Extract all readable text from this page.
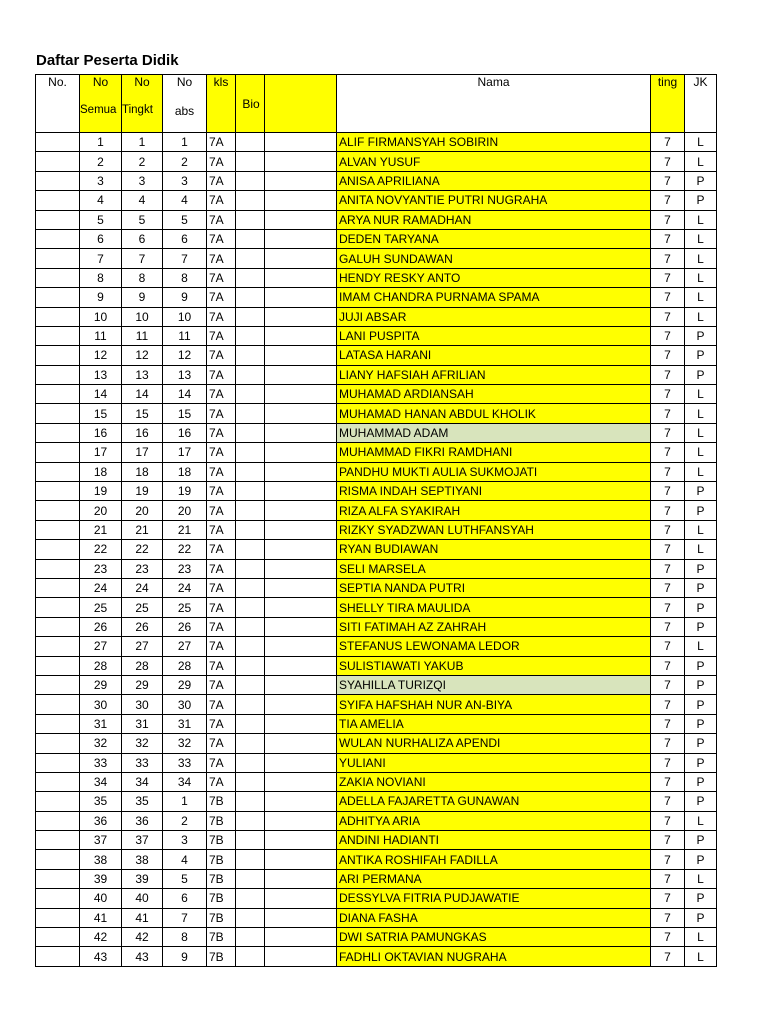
Daftar Peserta Didik
No.	No	No	No	kls	Bio		Nama	ting	JK
	Semua	Tingkt	abs						
	1	1	1	7A			ALIF FIRMANSYAH SOBIRIN	7	L
	2	2	2	7A			ALVAN YUSUF	7	L
	3	3	3	7A			ANISA APRILIANA	7	P
	4	4	4	7A			ANITA NOVYANTIE PUTRI NUGRAHA	7	P
	5	5	5	7A			ARYA NUR RAMADHAN	7	L
	6	6	6	7A			DEDEN TARYANA	7	L
	7	7	7	7A			GALUH SUNDAWAN	7	L
	8	8	8	7A			HENDY RESKY ANTO	7	L
	9	9	9	7A			IMAM CHANDRA PURNAMA SPAMA	7	L
	10	10	10	7A			JUJI ABSAR	7	L
	11	11	11	7A			LANI PUSPITA	7	P
	12	12	12	7A			LATASA HARANI	7	P
	13	13	13	7A			LIANY HAFSIAH AFRILIAN	7	P
	14	14	14	7A			MUHAMAD ARDIANSAH	7	L
	15	15	15	7A			MUHAMAD HANAN ABDUL KHOLIK	7	L
	16	16	16	7A			MUHAMMAD ADAM	7	L
	17	17	17	7A			MUHAMMAD FIKRI RAMDHANI	7	L
	18	18	18	7A			PANDHU MUKTI AULIA SUKMOJATI	7	L
	19	19	19	7A			RISMA INDAH SEPTIYANI	7	P
	20	20	20	7A			RIZA ALFA SYAKIRAH	7	P
	21	21	21	7A			RIZKY SYADZWAN LUTHFANSYAH	7	L
	22	22	22	7A			RYAN BUDIAWAN	7	L
	23	23	23	7A			SELI MARSELA	7	P
	24	24	24	7A			SEPTIA NANDA PUTRI	7	P
	25	25	25	7A			SHELLY TIRA MAULIDA	7	P
	26	26	26	7A			SITI FATIMAH AZ ZAHRAH	7	P
	27	27	27	7A			STEFANUS LEWONAMA LEDOR	7	L
	28	28	28	7A			SULISTIAWATI YAKUB	7	P
	29	29	29	7A			SYAHILLA TURIZQI	7	P
	30	30	30	7A			SYIFA HAFSHAH NUR AN-BIYA	7	P
	31	31	31	7A			TIA AMELIA	7	P
	32	32	32	7A			WULAN NURHALIZA APENDI	7	P
	33	33	33	7A			YULIANI	7	P
	34	34	34	7A			ZAKIA NOVIANI	7	P
	35	35	1	7B			ADELLA FAJARETTA GUNAWAN	7	P
	36	36	2	7B			ADHITYA ARIA	7	L
	37	37	3	7B			ANDINI HADIANTI	7	P
	38	38	4	7B			ANTIKA ROSHIFAH FADILLA	7	P
	39	39	5	7B			ARI PERMANA	7	L
	40	40	6	7B			DESSYLVA FITRIA PUDJAWATIE	7	P
	41	41	7	7B			DIANA FASHA	7	P
	42	42	8	7B			DWI SATRIA PAMUNGKAS	7	L
	43	43	9	7B			FADHLI OKTAVIAN NUGRAHA	7	L
